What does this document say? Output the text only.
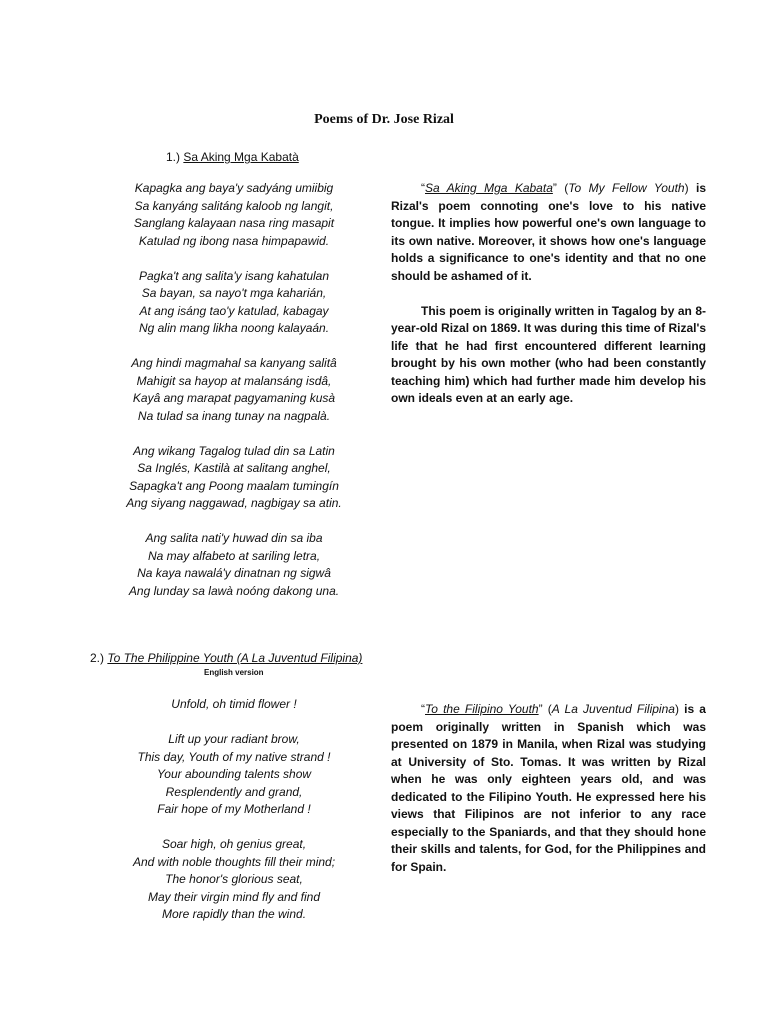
Poems of Dr. Jose Rizal
1.) Sa Aking Mga Kabatà
Kapagka ang baya'y sadyáng umiibig
Sa kanyáng salitáng kaloob ng langit,
Sanglang kalayaan nasa ring masapit
Katulad ng ibong nasa himpapawid.
Pagka't ang salita'y isang kahatulan
Sa bayan, sa nayo't mga kaharián,
At ang isáng tao'y katulad, kabagay
Ng alin mang likha noong kalayaán.
Ang hindi magmahal sa kanyang salitâ
Mahigit sa hayop at malansáng isdâ,
Kayâ ang marapat pagyamaning kusà
Na tulad sa inang tunay na nagpalà.
Ang wikang Tagalog tulad din sa Latin
Sa Inglés, Kastilà at salitang anghel,
Sapagka't ang Poong maalam tumingín
Ang siyang naggawad, nagbigay sa atin.
Ang salita nati'y huwad din sa iba
Na may alfabeto at sariling letra,
Na kaya nawalá'y dinatnan ng sigwâ
Ang lunday sa lawà noóng dakong una.

“Sa Aking Mga Kabata” (To My Fellow Youth) is Rizal's poem connoting one's love to his native tongue. It implies how powerful one's own language to its own native. Moreover, it shows how one's language holds a significance to one's identity and that no one should be ashamed of it.

This poem is originally written in Tagalog by an 8-year-old Rizal on 1869. It was during this time of Rizal's life that he had first encountered different learning brought by his own mother (who had been constantly teaching him) which had further made him develop his own ideals even at an early age.

2.) To The Philippine Youth (A La Juventud Filipina)
English version
Unfold, oh timid flower !
Lift up your radiant brow,
This day, Youth of my native strand !
Your abounding talents show
Resplendently and grand,
Fair hope of my Motherland !
Soar high, oh genius great,
And with noble thoughts fill their mind;
The honor's glorious seat,
May their virgin mind fly and find
More rapidly than the wind.

“To the Filipino Youth” (A La Juventud Filipina) is a poem originally written in Spanish which was presented on 1879 in Manila, when Rizal was studying at University of Sto. Tomas. It was written by Rizal when he was only eighteen years old, and was dedicated to the Filipino Youth. He expressed here his views that Filipinos are not inferior to any race especially to the Spaniards, and that they should hone their skills and talents, for God, for the Philippines and for Spain.
